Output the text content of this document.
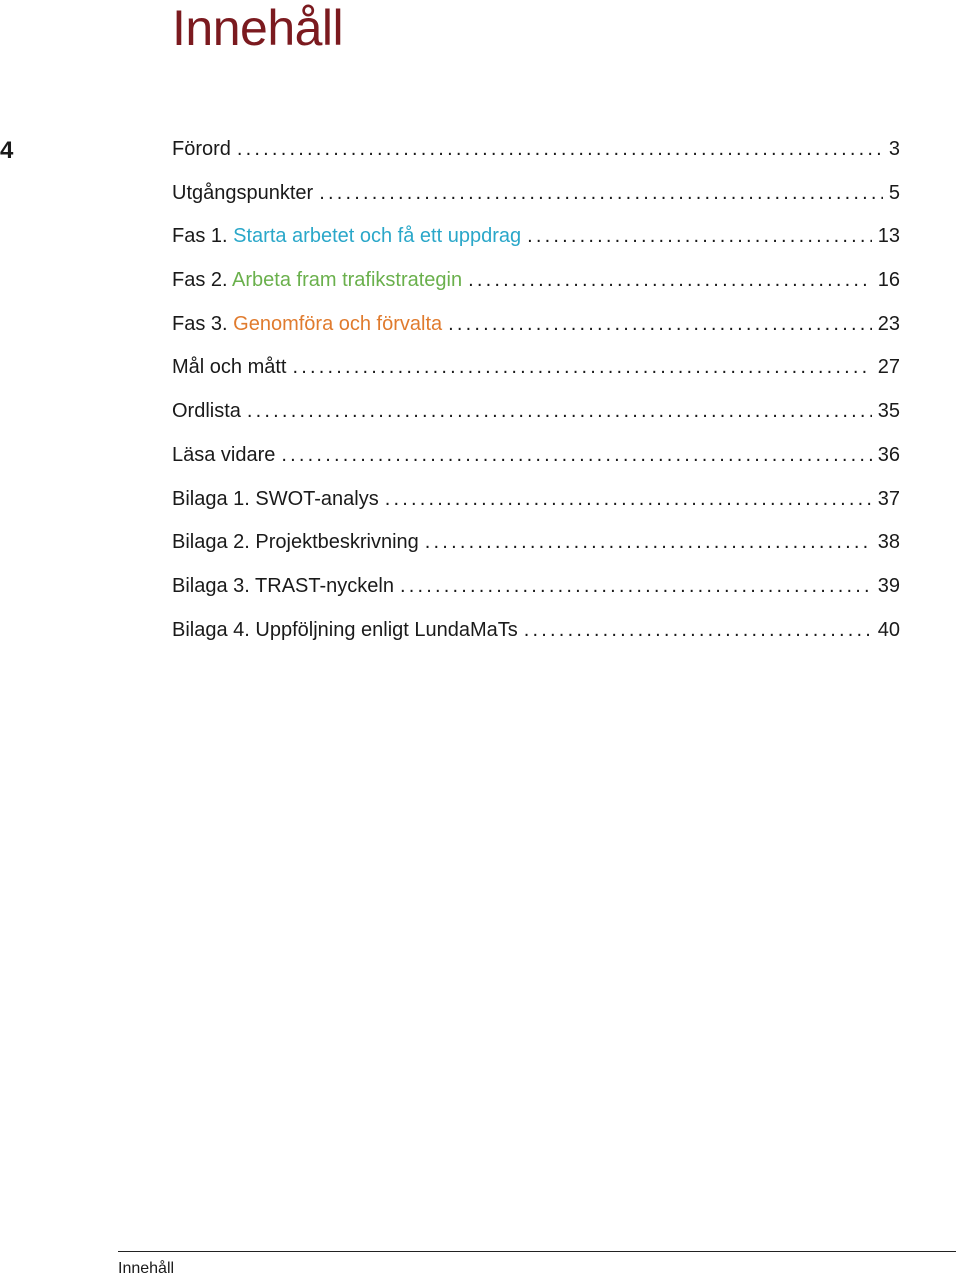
Innehåll
4	Förord .....	3
Utgångspunkter .....	5
Fas 1. Starta arbetet och få ett uppdrag .....	13
Fas 2. Arbeta fram trafikstrategin .....	16
Fas 3. Genomföra och förvalta .....	23
Mål och mått .....	27
Ordlista .....	35
Läsa vidare .....	36
Bilaga 1. SWOT-analys .....	37
Bilaga 2. Projektbeskrivning .....	38
Bilaga 3. TRAST-nyckeln .....	39
Bilaga 4. Uppföljning enligt LundaMaTs .....	40
Innehåll
